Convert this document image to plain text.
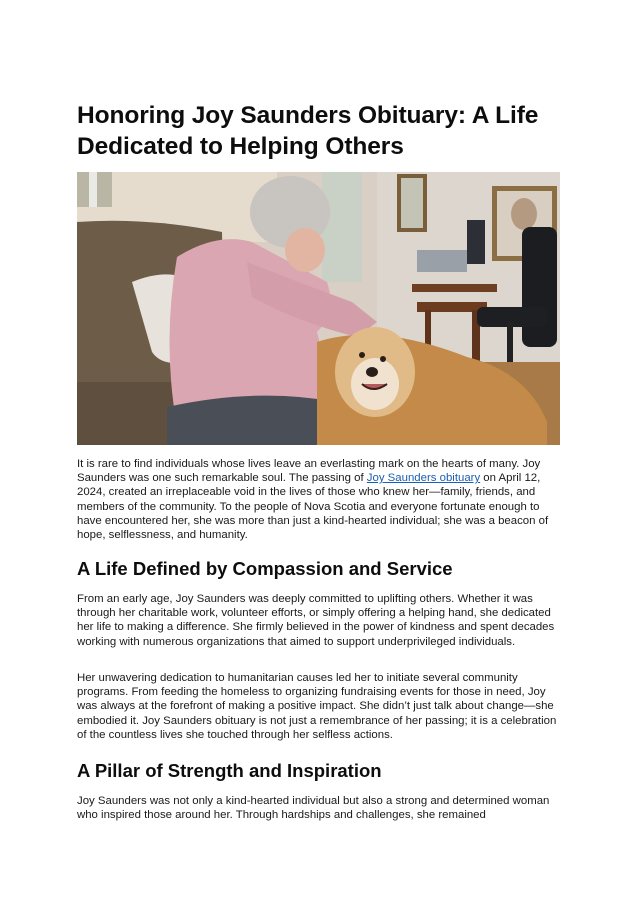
Honoring Joy Saunders Obituary: A Life Dedicated to Helping Others

It is rare to find individuals whose lives leave an everlasting mark on the hearts of many. Joy Saunders was one such remarkable soul. The passing of Joy Saunders obituary on April 12, 2024, created an irreplaceable void in the lives of those who knew her—family, friends, and members of the community. To the people of Nova Scotia and everyone fortunate enough to have encountered her, she was more than just a kind-hearted individual; she was a beacon of hope, selflessness, and humanity.

A Life Defined by Compassion and Service

From an early age, Joy Saunders was deeply committed to uplifting others. Whether it was through her charitable work, volunteer efforts, or simply offering a helping hand, she dedicated her life to making a difference. She firmly believed in the power of kindness and spent decades working with numerous organizations that aimed to support underprivileged individuals.

Her unwavering dedication to humanitarian causes led her to initiate several community programs. From feeding the homeless to organizing fundraising events for those in need, Joy was always at the forefront of making a positive impact. She didn’t just talk about change—she embodied it. Joy Saunders obituary is not just a remembrance of her passing; it is a celebration of the countless lives she touched through her selfless actions.

A Pillar of Strength and Inspiration

Joy Saunders was not only a kind-hearted individual but also a strong and determined woman who inspired those around her. Through hardships and challenges, she remained
